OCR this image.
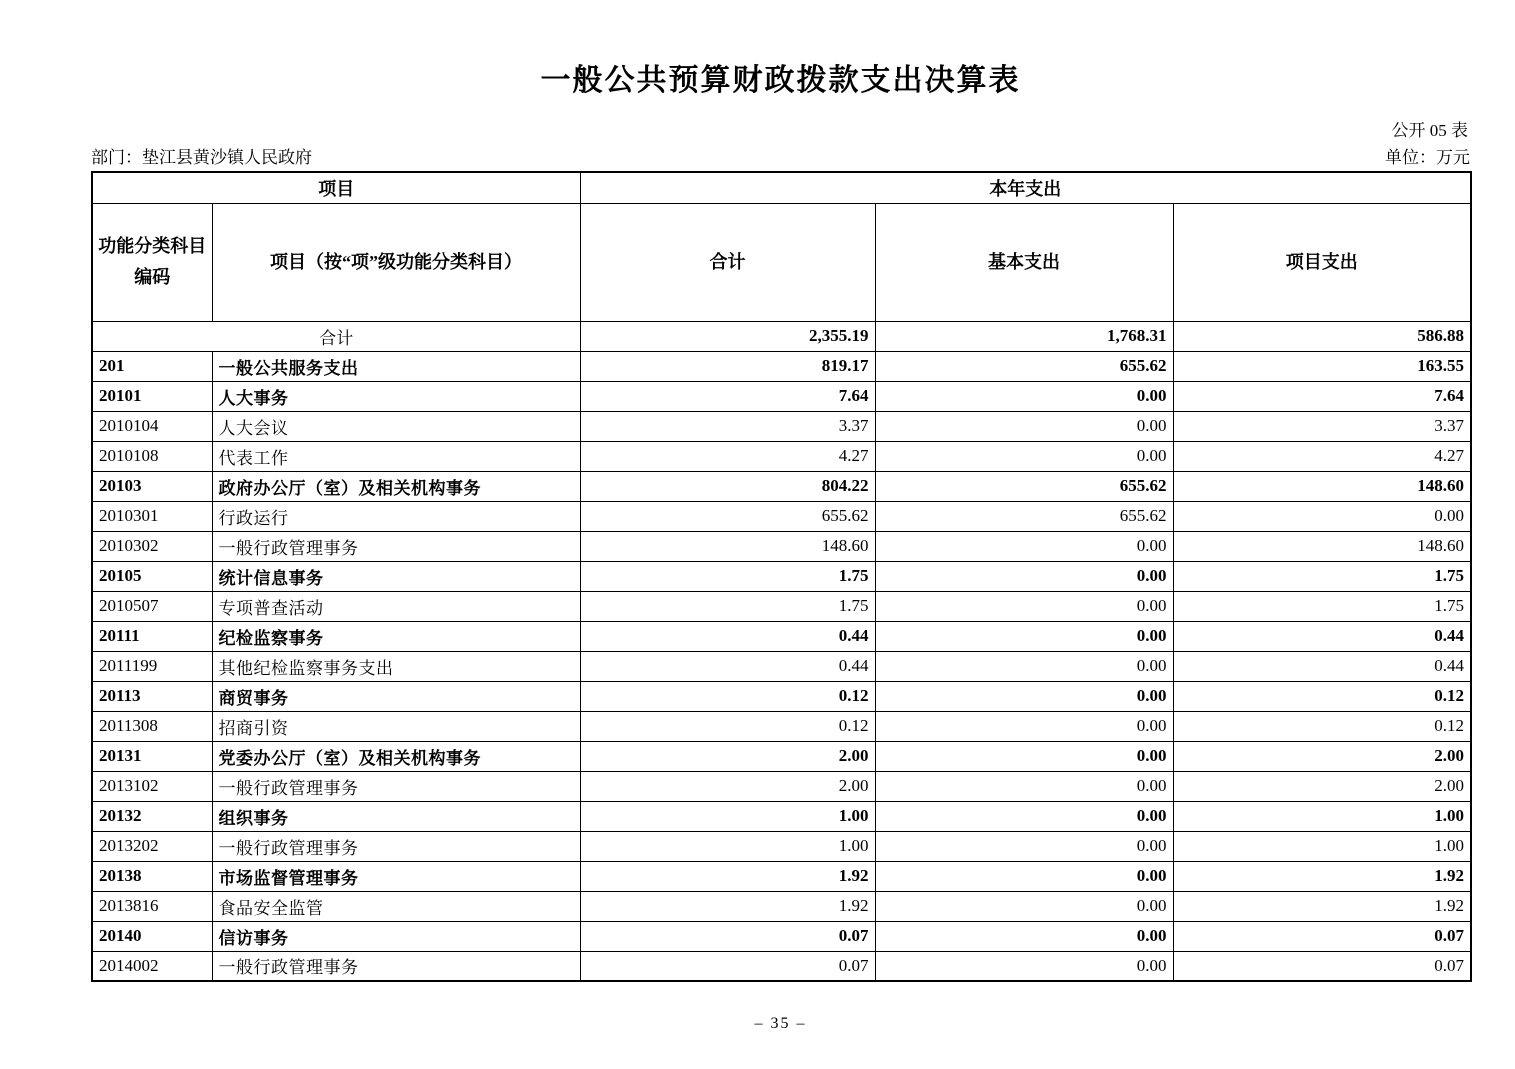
一般公共预算财政拨款支出决算表
公开 05 表
部门：垫江县黄沙镇人民政府	单位：万元
项目		本年支出		

功能分类科目
编码	项目（按“项”级功能分类科目）	合计	基本支出	项目支出
合计		2,355.19	1,768.31	586.88
201	一般公共服务支出	819.17	655.62	163.55
20101	人大事务	7.64	0.00	7.64
2010104	人大会议	3.37	0.00	3.37
2010108	代表工作	4.27	0.00	4.27
20103	政府办公厅（室）及相关机构事务	804.22	655.62	148.60
2010301	行政运行	655.62	655.62	0.00
2010302	一般行政管理事务	148.60	0.00	148.60
20105	统计信息事务	1.75	0.00	1.75
2010507	专项普查活动	1.75	0.00	1.75
20111	纪检监察事务	0.44	0.00	0.44
2011199	其他纪检监察事务支出	0.44	0.00	0.44
20113	商贸事务	0.12	0.00	0.12
2011308	招商引资	0.12	0.00	0.12
20131	党委办公厅（室）及相关机构事务	2.00	0.00	2.00
2013102	一般行政管理事务	2.00	0.00	2.00
20132	组织事务	1.00	0.00	1.00
2013202	一般行政管理事务	1.00	0.00	1.00
20138	市场监督管理事务	1.92	0.00	1.92
2013816	食品安全监管	1.92	0.00	1.92
20140	信访事务	0.07	0.00	0.07
2014002	一般行政管理事务	0.07	0.00	0.07
– 35 –
